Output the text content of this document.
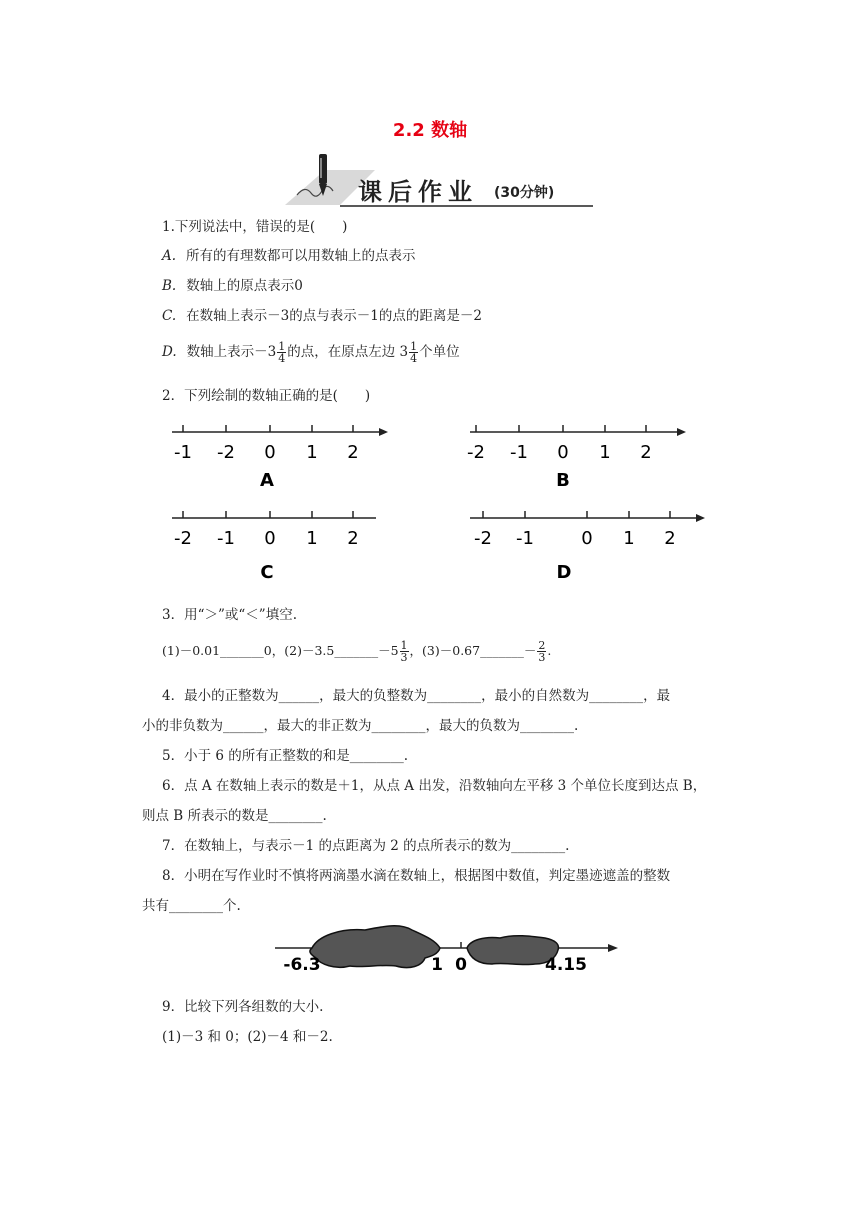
2.2 数轴
课后作业 (30分钟)
1.下列说法中，错误的是(　　)
A. 所有的有理数都可以用数轴上的点表示
B. 数轴上的原点表示0
C. 在数轴上表示－3的点与表示－1的点的距离是－2
D. 数轴上表示$-3 \frac{1}{4}$ 的点，在原点左边 $3 \frac{1}{4}$ 个单位
2．下列绘制的数轴正确的是(　　)
-1 -2 0 1 2
A
-2 -1 0 1 2
B
-2 -1 0 1 2
C
-2 -1	0 1 2
D
3．用“＞”或“＜”填空.
(1)－0.01_______0，(2)－3.5_______－5 $\frac{1}{3}$ ，(3)－0.67_______－ $\frac{2}{3}$ .
4．最小的正整数为______，最大的负整数为________，最小的自然数为________，最
小的非负数为______，最大的非正数为________，最大的负数为________.
5．小于 6 的所有正整数的和是________.
6．点 A 在数轴上表示的数是＋1，从点 A 出发，沿数轴向左平移 3 个单位长度到达点 B，
则点 B 所表示的数是________.
7．在数轴上，与表示－1 的点距离为 2 的点所表示的数为________.
8．小明在写作业时不慎将两滴墨水滴在数轴上，根据图中数值，判定墨迹遮盖的整数
共有________个.
-6.3	1 0	4.15
9．比较下列各组数的大小.
(1)－3 和 0；(2)－4 和－2.
